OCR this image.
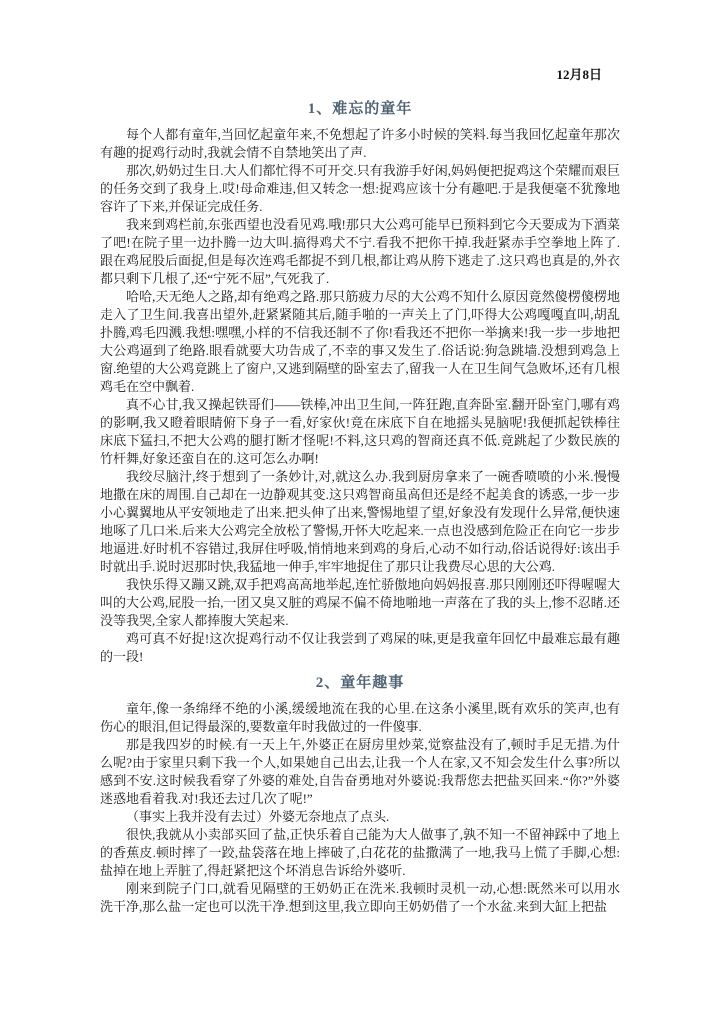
12月8日
1、难忘的童年

每个人都有童年,当回忆起童年来,不免想起了许多小时候的笑料.每当我回忆起童年那次有趣的捉鸡行动时,我就会情不自禁地笑出了声.

那次,奶奶过生日.大人们都忙得不可开交.只有我游手好闲,妈妈便把捉鸡这个荣耀而艰巨的任务交到了我身上.哎!母命难违,但又转念一想:捉鸡应该十分有趣吧.于是我便毫不犹豫地容许了下来,并保证完成任务.

我来到鸡栏前,东张西望也没看见鸡.哦!那只大公鸡可能早已预料到它今天要成为下酒菜了吧!在院子里一边扑腾一边大叫.搞得鸡犬不宁.看我不把你干掉.我赶紧赤手空拳地上阵了.跟在鸡屁股后面捉,但是每次连鸡毛都捉不到几根,都让鸡从胯下逃走了.这只鸡也真是的,外衣都只剩下几根了,还“宁死不屈”,气死我了.

哈哈,天无绝人之路,却有绝鸡之路.那只筋疲力尽的大公鸡不知什么原因竟然傻楞傻楞地走入了卫生间.我喜出望外,赶紧紧随其后,随手啪的一声关上了门,吓得大公鸡嘎嘎直叫,胡乱扑腾,鸡毛四溅.我想:嘿嘿,小样的不信我还制不了你!看我还不把你一举擒来!我一步一步地把大公鸡逼到了绝路.眼看就要大功告成了,不幸的事又发生了.俗话说:狗急跳墙.没想到鸡急上窗.绝望的大公鸡竟跳上了窗户,又逃到隔壁的卧室去了,留我一人在卫生间气急败坏,还有几根鸡毛在空中飘着.

真不心甘,我又操起铁哥们——铁棒,冲出卫生间,一阵狂跑,直奔卧室.翻开卧室门,哪有鸡的影啊,我又瞪着眼睛俯下身子一看,好家伙!竟在床底下自在地摇头晃脑呢!我便抓起铁棒往床底下猛扫,不把大公鸡的腿打断才怪呢!不料,这只鸡的智商还真不低.竟跳起了少数民族的竹杆舞,好象还蛮自在的.这可怎么办啊!

我绞尽脑汁,终于想到了一条妙计,对,就这么办.我到厨房拿来了一碗香喷喷的小米.慢慢地撒在床的周围.自己却在一边静观其变.这只鸡智商虽高但还是经不起美食的诱惑,一步一步小心翼翼地从平安领地走了出来.把头伸了出来,警惕地望了望,好象没有发现什么异常,便快速地啄了几口米.后来大公鸡完全放松了警惕,开怀大吃起来.一点也没感到危险正在向它一步步地逼进.好时机不容错过,我屏住呼吸,悄悄地来到鸡的身后,心动不如行动,俗话说得好:该出手时就出手.说时迟那时快,我猛地一伸手,牢牢地捉住了那只让我费尽心思的大公鸡.

我快乐得又蹦又跳,双手把鸡高高地举起,连忙骄傲地向妈妈报喜.那只刚刚还吓得喔喔大叫的大公鸡,屁股一抬,一团又臭又脏的鸡屎不偏不倚地啪地一声落在了我的头上,惨不忍睹.还没等我哭,全家人都捧腹大笑起来.

鸡可真不好捉!这次捉鸡行动不仅让我尝到了鸡屎的味,更是我童年回忆中最难忘最有趣的一段!

2、童年趣事

童年,像一条绵绎不绝的小溪,缓缓地流在我的心里.在这条小溪里,既有欢乐的笑声,也有伤心的眼泪,但记得最深的,要数童年时我做过的一件傻事.

那是我四岁的时候.有一天上午,外婆正在厨房里炒菜,觉察盐没有了,顿时手足无措.为什么呢?由于家里只剩下我一个人,如果她自己出去,让我一个人在家,又不知会发生什么事?所以感到不安.这时候我看穿了外婆的难处,自告奋勇地对外婆说:我帮您去把盐买回来.“你?”外婆迷惑地看着我.对!我还去过几次了呢!”

（事实上我并没有去过）外婆无奈地点了点头.

很快,我就从小卖部买回了盐,正快乐着自己能为大人做事了,孰不知一不留神踩中了地上的香蕉皮.顿时摔了一跤,盐袋落在地上摔破了,白花花的盐撒满了一地,我马上慌了手脚,心想:盐掉在地上弄脏了,得赶紧把这个坏消息告诉给外婆听.

刚来到院子门口,就看见隔壁的王奶奶正在洗米.我顿时灵机一动,心想:既然米可以用水洗干净,那么盐一定也可以洗干净.想到这里,我立即向王奶奶借了一个水盆.来到大缸上把盐
